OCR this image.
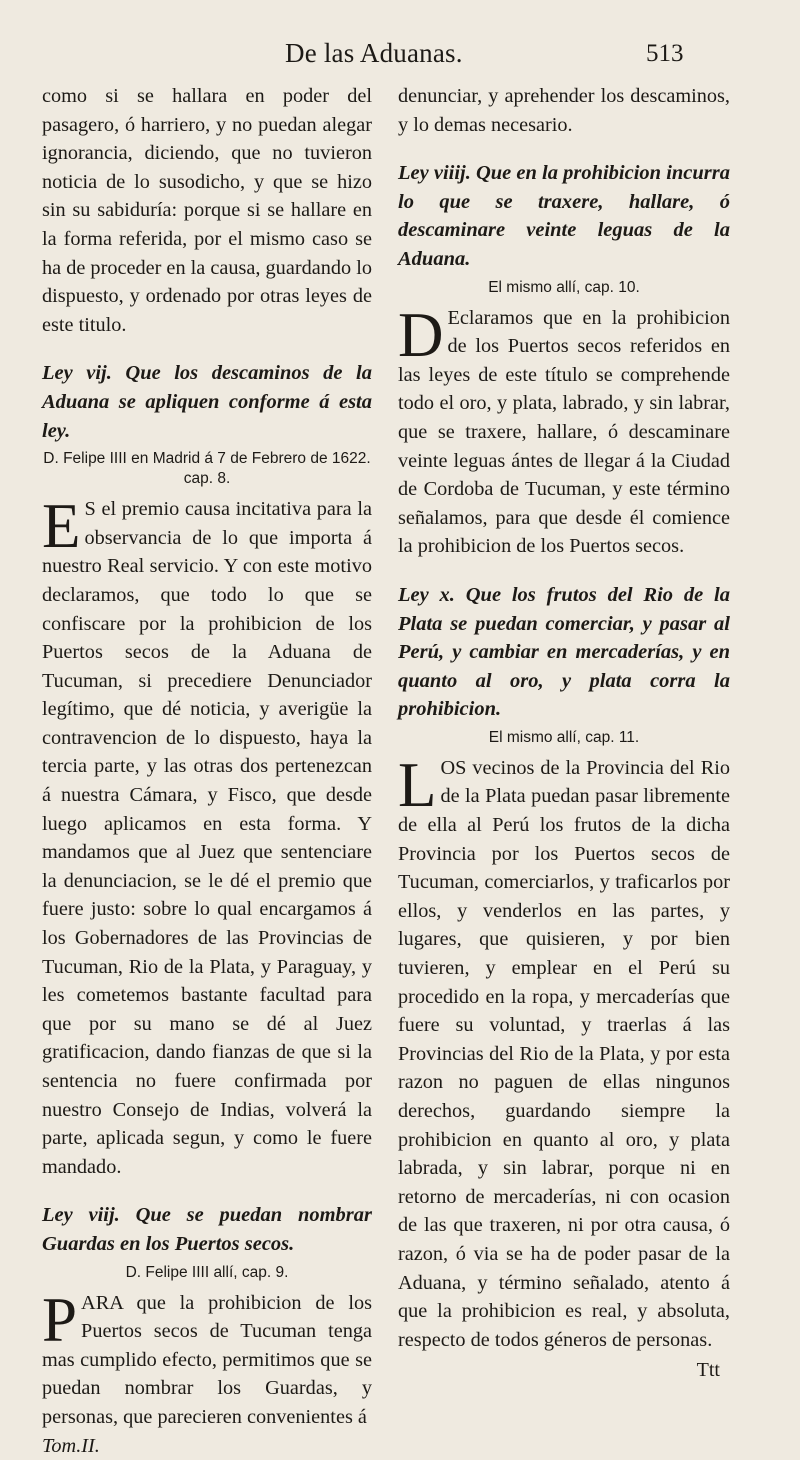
De las Aduanas.	513

como si se hallara en poder del pasagero, ó harriero, y no puedan alegar ignorancia, diciendo, que no tuvieron noticia de lo susodicho, y que se hizo sin su sabiduría: porque si se hallare en la forma referida, por el mismo caso se ha de proceder en la causa, guardando lo dispuesto, y ordenado por otras leyes de este titulo.

Ley vij. Que los descaminos de la Aduana se apliquen conforme á esta ley.

D. Felipe IIII en Madrid á 7 de Febrero de 1622. cap. 8.

E S el premio causa incitativa para la observancia de lo que importa á nuestro Real servicio. Y con este motivo declaramos, que todo lo que se confiscare por la prohibicion de los Puertos secos de la Aduana de Tucuman, si precediere Denunciador legítimo, que dé noticia, y averigüe la contravencion de lo dispuesto, haya la tercia parte, y las otras dos pertenezcan á nuestra Cámara, y Fisco, que desde luego aplicamos en esta forma. Y mandamos que al Juez que sentenciare la denunciacion, se le dé el premio que fuere justo: sobre lo qual encargamos á los Gobernadores de las Provincias de Tucuman, Rio de la Plata, y Paraguay, y les cometemos bastante facultad para que por su mano se dé al Juez gratificacion, dando fianzas de que si la sentencia no fuere confirmada por nuestro Consejo de Indias, volverá la parte, aplicada segun, y como le fuere mandado.

Ley viij. Que se puedan nombrar Guardas en los Puertos secos.

D. Felipe IIII allí, cap. 9.

PARA que la prohibicion de los Puertos secos de Tucuman tenga mas cumplido efecto, permitimos que se puedan nombrar los Guardas, y personas, que parecieren convenientes á

Tom.II.

denunciar, y aprehender los descaminos, y lo demas necesario.

Ley viiij. Que en la prohibicion incurra lo que se traxere, hallare, ó descaminare veinte leguas de la Aduana.

El mismo allí, cap. 10.

D Eclaramos que en la prohibicion de los Puertos secos referidos en las leyes de este título se comprehende todo el oro, y plata, labrado, y sin labrar, que se traxere, hallare, ó descaminare veinte leguas ántes de llegar á la Ciudad de Cordoba de Tucuman, y este término señalamos, para que desde él comience la prohibicion de los Puertos secos.

Ley x. Que los frutos del Rio de la Plata se puedan comerciar, y pasar al Perú, y cambiar en mercaderías, y en quanto al oro, y plata corra la prohibicion.

El mismo allí, cap. 11.

LOS vecinos de la Provincia del Rio de la Plata puedan pasar libremente de ella al Perú los frutos de la dicha Provincia por los Puertos secos de Tucuman, comerciarlos, y traficarlos por ellos, y venderlos en las partes, y lugares, que quisieren, y por bien tuvieren, y emplear en el Perú su procedido en la ropa, y mercaderías que fuere su voluntad, y traerlas á las Provincias del Rio de la Plata, y por esta razon no paguen de ellas ningunos derechos, guardando siempre la prohibicion en quanto al oro, y plata labrada, y sin labrar, porque ni en retorno de mercaderías, ni con ocasion de las que traxeren, ni por otra causa, ó razon, ó via se ha de poder pasar de la Aduana, y término señalado, atento á que la prohibicion es real, y absoluta, respecto de todos géneros de personas.

Ttt
